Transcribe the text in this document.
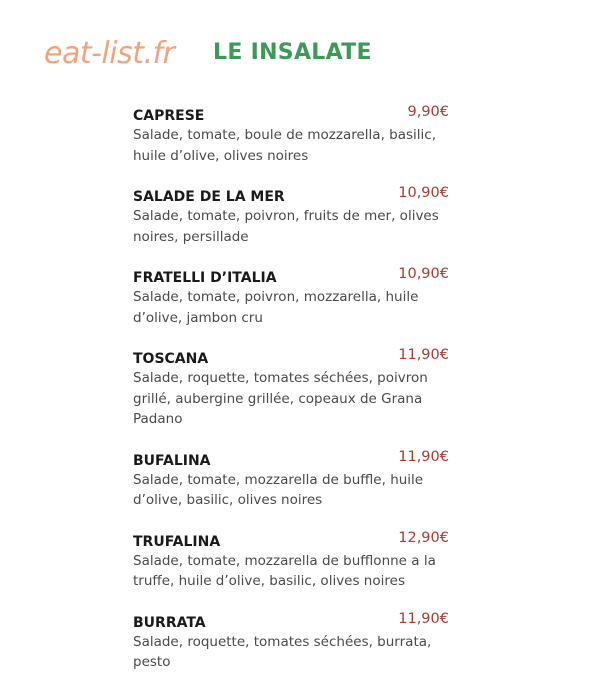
eat-list.fr LE INSALATE
CAPRESE	9,90€
Salade, tomate, boule de mozzarella, basilic, huile d’olive, olives noires
SALADE DE LA MER	10,90€
Salade, tomate, poivron, fruits de mer, olives noires, persillade
FRATELLI D’ITALIA	10,90€
Salade, tomate, poivron, mozzarella, huile d’olive, jambon cru
TOSCANA	11,90€
Salade, roquette, tomates séchées, poivron grillé, aubergine grillée, copeaux de Grana Padano
BUFALINA	11,90€
Salade, tomate, mozzarella de buffle, huile d’olive, basilic, olives noires
TRUFALINA	12,90€
Salade, tomate, mozzarella de bufflonne a la truffe, huile d’olive, basilic, olives noires
BURRATA	11,90€
Salade, roquette, tomates séchées, burrata, pesto
